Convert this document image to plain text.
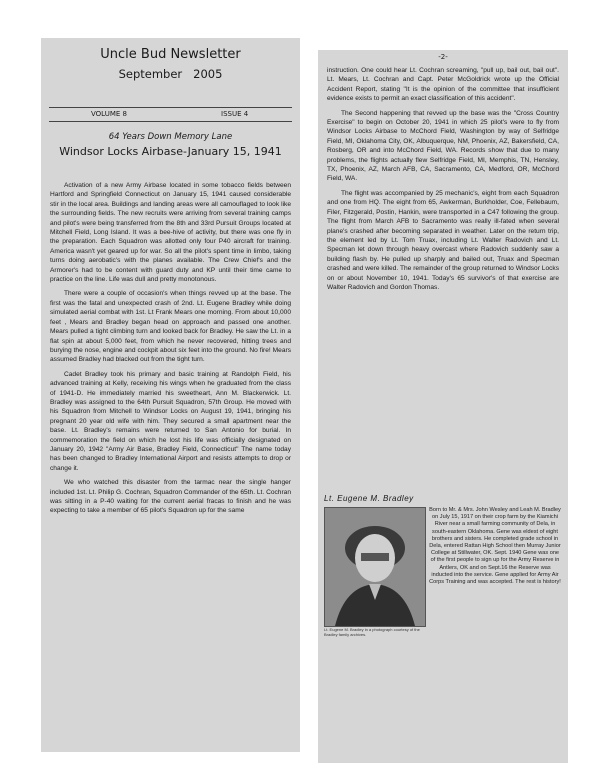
Uncle Bud Newsletter
September   2005
VOLUME 8	ISSUE 4
64 Years Down Memory Lane
Windsor Locks Airbase-January 15, 1941

Activation of a new Army Airbase located in some tobacco fields between Hartford and Springfield Connecticut on January 15, 1941 caused considerable stir in the local area. Buildings and landing areas were all camouflaged to look like the surrounding fields. The new recruits were arriving from several training camps and pilot's were being transferred from the 8th and 33rd Pursuit Groups located at Mitchell Field, Long Island. It was a bee-hive of activity, but there was one fly in the preparation. Each Squadron was allotted only four P40 aircraft for training. America wasn't yet geared up for war. So all the pilot's spent time in limbo, taking turns doing aerobatic's with the planes available. The Crew Chief's and the Armorer's had to be content with guard duty and KP until their time came to practice on the line. Life was dull and pretty monotonous.

There were a couple of occasion's when things revved up at the base. The first was the fatal and unexpected crash of 2nd. Lt. Eugene Bradley while doing simulated aerial combat with 1st. Lt Frank Mears one morning. From about 10,000 feet , Mears and Bradley began head on approach and passed one another. Mears pulled a tight climbing turn and looked back for Bradley. He saw the Lt. in a flat spin at about 5,000 feet, from which he never recovered, hitting trees and burying the nose, engine and cockpit about six feet into the ground. No fire! Mears assumed Bradley had blacked out from the tight turn.

Cadet Bradley took his primary and basic training at Randolph Field, his advanced training at Kelly, receiving his wings when he graduated from the class of 1941-D. He immediately married his sweetheart, Ann M. Blackerwick. Lt. Bradley was assigned to the 64th Pursuit Squadron, 57th Group. He moved with his Squadron from Mitchell to Windsor Locks on August 19, 1941, bringing his pregnant 20 year old wife with him. They secured a small apartment near the base. Lt. Bradley's remains were returned to San Antonio for burial. In commemoration the field on which he lost his life was officially designated on January 20, 1942 "Army Air Base, Bradley Field, Connecticut" The name today has been changed to Bradley International Airport and resists attempts to drop or change it.

We who watched this disaster from the tarmac near the single hanger included 1st. Lt. Philip G. Cochran, Squadron Commander of the 65th. Lt. Cochran was sitting in a P-40 waiting for the current aerial fracas to finish and he was expecting to take a member of 65 pilot's Squadron up for the same

-2-

instruction. One could hear Lt. Cochran screaming, "pull up, bail out, bail out". Lt. Mears, Lt. Cochran and Capt. Peter McGoldrick wrote up the Official Accident Report, stating "It is the opinion of the committee that insufficient evidence exists to permit an exact classification of this accident".

The Second happening that revved up the base was the "Cross Country Exercise" to begin on October 20, 1941 in which 25 pilot's were to fly from Windsor Locks Airbase to McChord Field, Washington by way of Selfridge Field, MI, Oklahoma City, OK, Albuquerque, NM, Phoenix, AZ, Bakersfield, CA, Rosberg, OR and into McChord Field, WA. Records show that due to many problems, the flights actually flew Selfridge Field, MI, Memphis, TN, Hensley, TX, Phoenix, AZ, March AFB, CA, Sacramento, CA, Medford, OR, McChord Field, WA.

The flight was accompanied by 25 mechanic's, eight from each Squadron and one from HQ. The eight from 65, Awkerman, Burkholder, Coe, Fellebaum, Filer, Fitzgerald, Postin, Hankin, were transported in a C47 following the group. The flight from March AFB to Sacramento was really ill-fated when several plane's crashed after becoming separated in weather. Later on the return trip, the element led by Lt. Tom Truax, including Lt. Walter Radovich and Lt. Specman let down through heavy overcast where Radovich suddenly saw a building flash by. He pulled up sharply and bailed out, Truax and Specman crashed and were killed. The remainder of the group returned to Windsor Locks on or about November 10, 1941. Today's 65 survivor's of that exercise are Walter Radovich and Gordon Thomas.

Lt. Eugene M. Bradley
Lt. Eugene M. Bradley in a photograph courtesy of the Bradley family archives.
Born to Mr. & Mrs. John Wesley and Leah M. Bradley on July 15, 1917 on their crop farm by the Kiamichi River near a small farming community of Dela, in south-eastern Oklahoma. Gene was eldest of eight brothers and sisters. He completed grade school in Dela, entered Rattan High School then Murray Junior College at Stillwater, OK. Sept. 1940 Gene was one of the first people to sign up for the Army Reserve in Antlers, OK and on Sept.16 the Reserve was inducted into the service. Gene applied for Army Air Corps Training and was accepted. The rest is history!
